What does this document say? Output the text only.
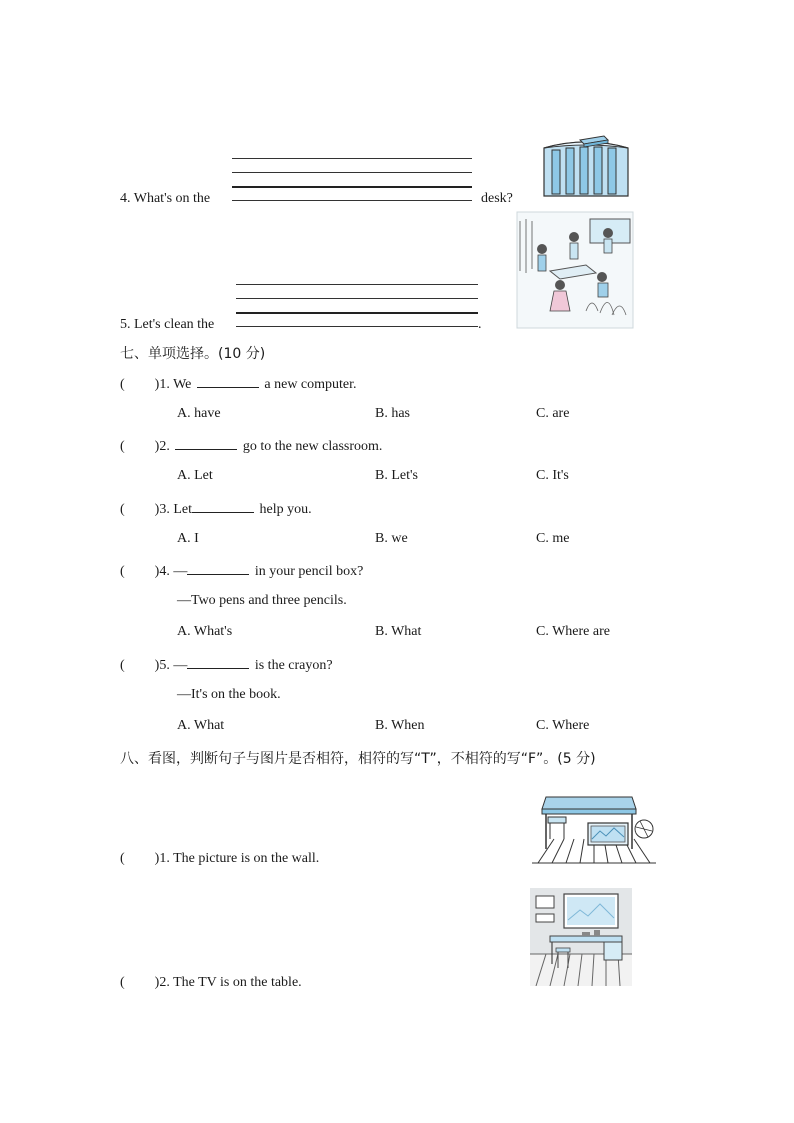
4. What's on the	desk?
5. Let's clean the	.
七、单项选择。(10 分)
( )1. We	a new computer.
A. have	B. has	C. are
( )2.	go to the new classroom.
A. Let	B. Let's	C. It's
( )3. Let	help you.
A. I	B. we	C. me
( )4. —	in your pencil box?
—Two pens and three pencils.
A. What's	B. What	C. Where are
( )5. —	is the crayon?
—It's on the book.
A. What	B. When	C. Where
八、看图，判断句子与图片是否相符，相符的写“T”，不相符的写“F”。(5 分)
( )1. The picture is on the wall.
( )2. The TV is on the table.
